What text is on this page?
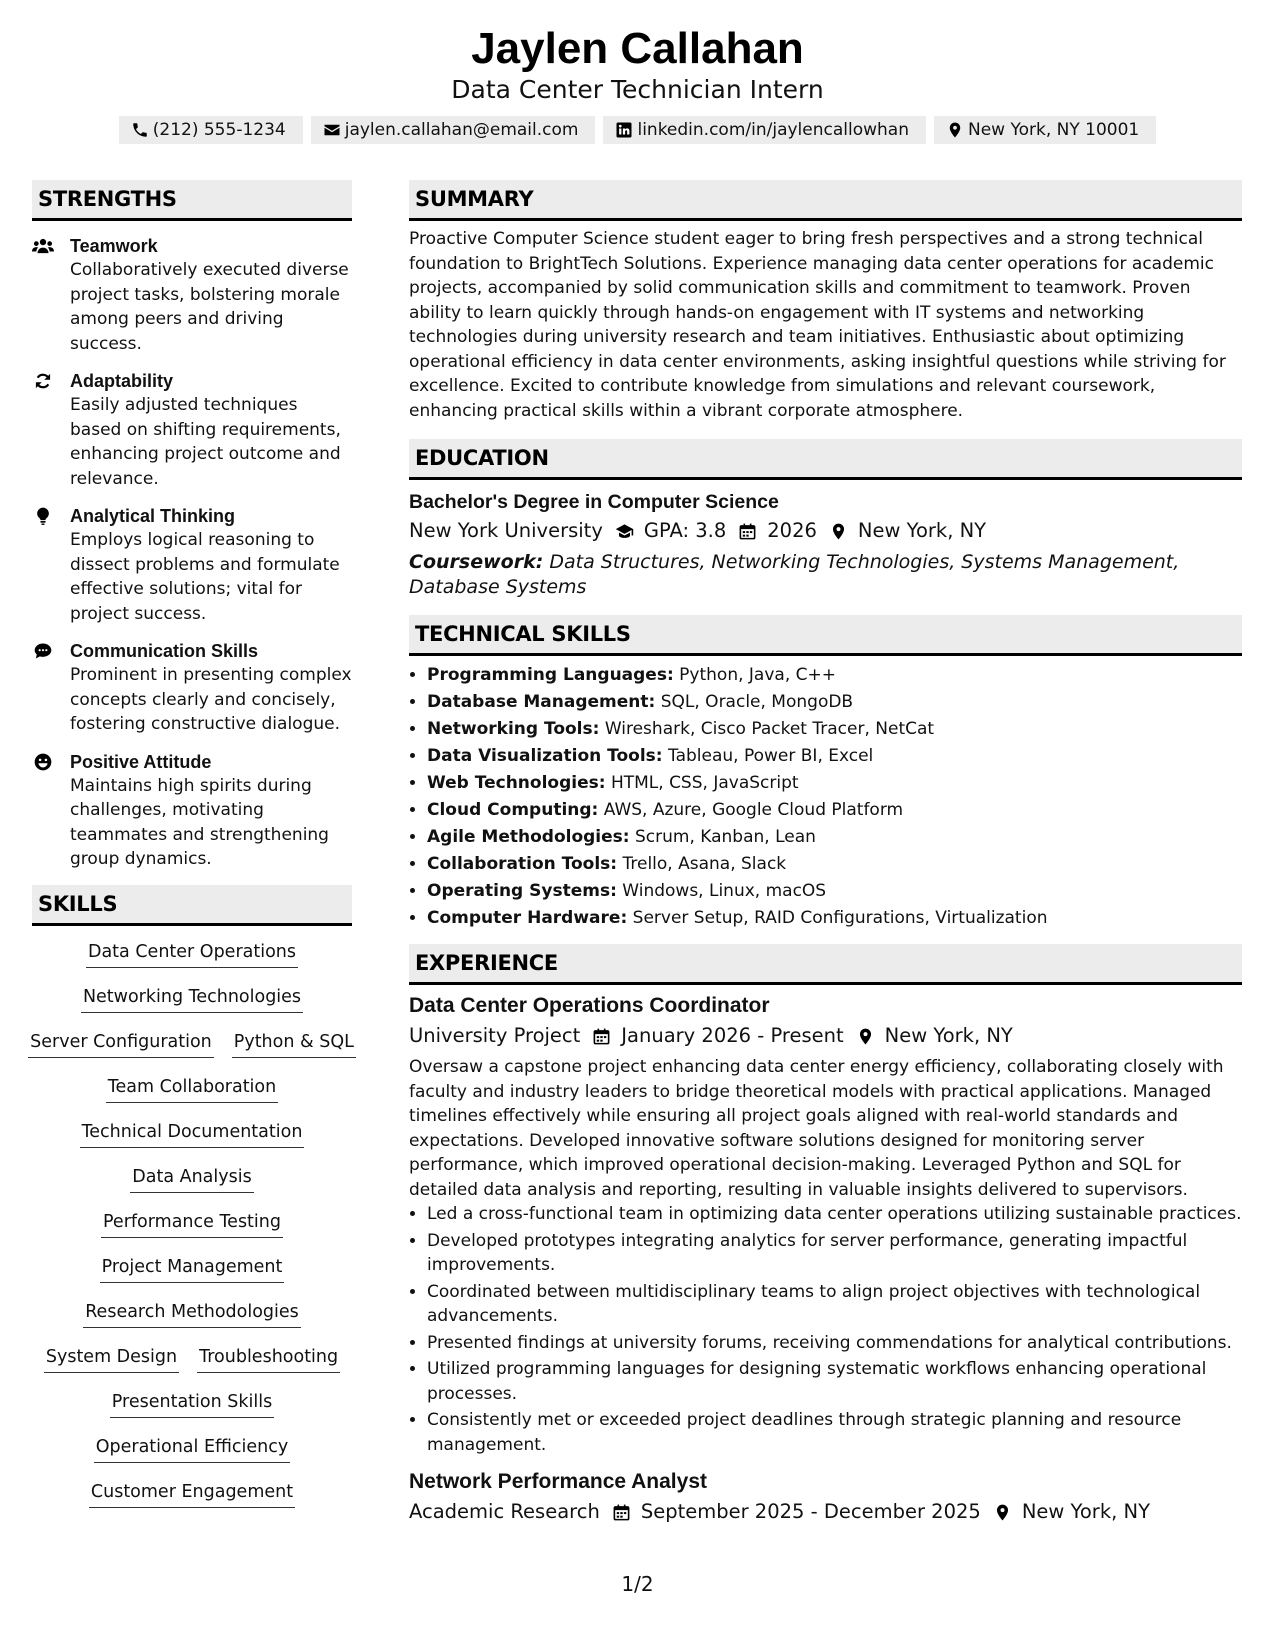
Jaylen Callahan
Data Center Technician Intern
(212) 555-1234	jaylen.callahan@email.com	linkedin.com/in/jaylencallowhan	New York, NY 10001
STRENGTHS
Teamwork
Collaboratively executed diverse project tasks, bolstering morale among peers and driving success.
Adaptability
Easily adjusted techniques based on shifting requirements, enhancing project outcome and relevance.
Analytical Thinking
Employs logical reasoning to dissect problems and formulate effective solutions; vital for project success.
Communication Skills
Prominent in presenting complex concepts clearly and concisely, fostering constructive dialogue.
Positive Attitude
Maintains high spirits during challenges, motivating teammates and strengthening group dynamics.
SKILLS
Data Center Operations
Networking Technologies
Server Configuration Python & SQL
Team Collaboration
Technical Documentation
Data Analysis
Performance Testing
Project Management
Research Methodologies
System Design Troubleshooting
Presentation Skills
Operational Efficiency
Customer Engagement
SUMMARY

Proactive Computer Science student eager to bring fresh perspectives and a strong technical foundation to BrightTech Solutions. Experience managing data center operations for academic projects, accompanied by solid communication skills and commitment to teamwork. Proven ability to learn quickly through hands-on engagement with IT systems and networking technologies during university research and team initiatives. Enthusiastic about optimizing operational efficiency in data center environments, asking insightful questions while striving for excellence. Excited to contribute knowledge from simulations and relevant coursework, enhancing practical skills within a vibrant corporate atmosphere.

EDUCATION
Bachelor's Degree in Computer Science
New York University GPA: 3.8 2026 New York, NY
Coursework: Data Structures, Networking Technologies, Systems Management, Database Systems
TECHNICAL SKILLS
• Programming Languages: Python, Java, C++
• Database Management: SQL, Oracle, MongoDB
• Networking Tools: Wireshark, Cisco Packet Tracer, NetCat
• Data Visualization Tools: Tableau, Power BI, Excel
• Web Technologies: HTML, CSS, JavaScript
• Cloud Computing: AWS, Azure, Google Cloud Platform
• Agile Methodologies: Scrum, Kanban, Lean
• Collaboration Tools: Trello, Asana, Slack
• Operating Systems: Windows, Linux, macOS
• Computer Hardware: Server Setup, RAID Configurations, Virtualization
EXPERIENCE
Data Center Operations Coordinator
University Project January 2026 - Present New York, NY

Oversaw a capstone project enhancing data center energy efficiency, collaborating closely with faculty and industry leaders to bridge theoretical models with practical applications. Managed timelines effectively while ensuring all project goals aligned with real-world standards and expectations. Developed innovative software solutions designed for monitoring server performance, which improved operational decision-making. Leveraged Python and SQL for detailed data analysis and reporting, resulting in valuable insights delivered to supervisors.

• Led a cross-functional team in optimizing data center operations utilizing sustainable practices.
• Developed prototypes integrating analytics for server performance, generating impactful improvements.
• Coordinated between multidisciplinary teams to align project objectives with technological advancements.
• Presented findings at university forums, receiving commendations for analytical contributions.
• Utilized programming languages for designing systematic workflows enhancing operational processes.
• Consistently met or exceeded project deadlines through strategic planning and resource management.
Network Performance Analyst
Academic Research September 2025 - December 2025 New York, NY
1/2
